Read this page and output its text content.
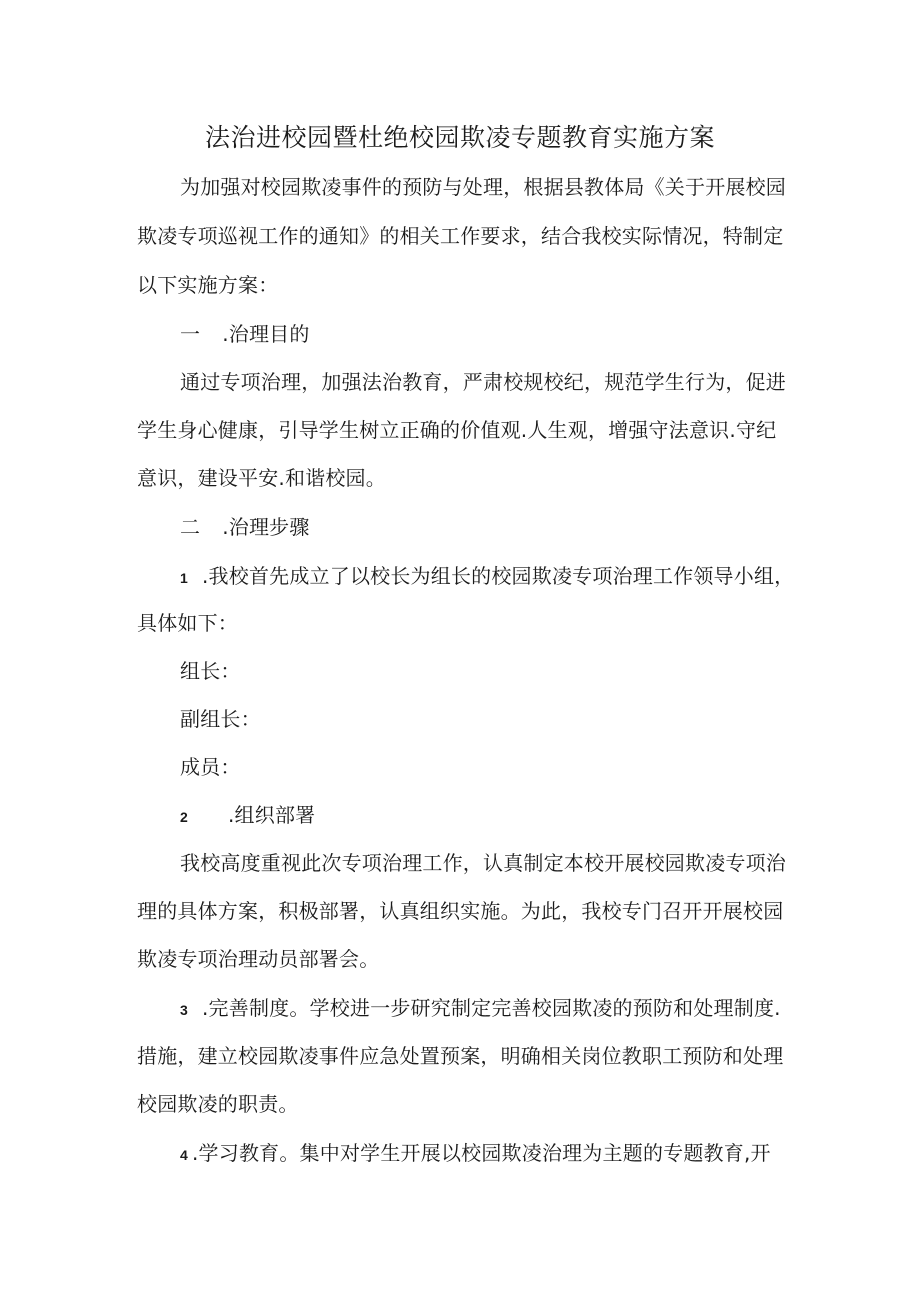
法治进校园暨杜绝校园欺凌专题教育实施方案
为加强对校园欺凌事件的预防与处理，根据县教体局《关于开展校园
欺凌专项巡视工作的通知》的相关工作要求，结合我校实际情况，特制定
以下实施方案：
一 .治理目的
通过专项治理，加强法治教育，严肃校规校纪，规范学生行为，促进
学生身心健康，引导学生树立正确的价值观.人生观，增强守法意识.守纪
意识，建设平安.和谐校园。
二 .治理步骤
1 .我校首先成立了以校长为组长的校园欺凌专项治理工作领导小组，
具体如下：
组长：
副组长：
成员：
2 .组织部署
我校高度重视此次专项治理工作，认真制定本校开展校园欺凌专项治
理的具体方案，积极部署，认真组织实施。为此，我校专门召开开展校园
欺凌专项治理动员部署会。
3 .完善制度。学校进一步研究制定完善校园欺凌的预防和处理制度.
措施，建立校园欺凌事件应急处置预案，明确相关岗位教职工预防和处理
校园欺凌的职责。
4 .学习教育。集中对学生开展以校园欺凌治理为主题的专题教育,开
